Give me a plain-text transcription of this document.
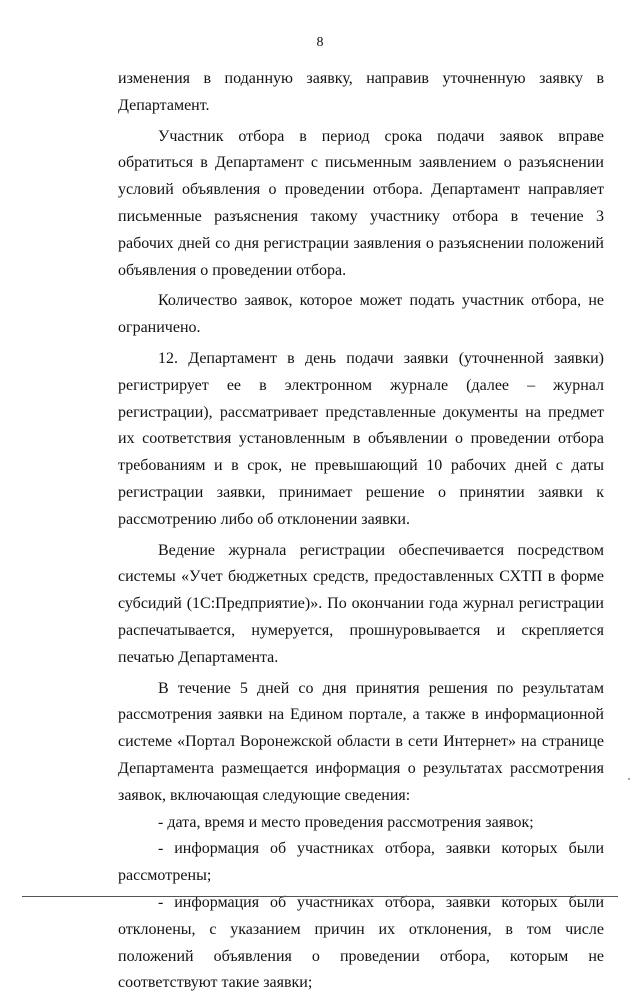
8

изменения в поданную заявку, направив уточненную заявку в Департамент.

Участник отбора в период срока подачи заявок вправе обратиться в Департамент с письменным заявлением о разъяснении условий объявления о проведении отбора. Департамент направляет письменные разъяснения такому участнику отбора в течение 3 рабочих дней со дня регистрации заявления о разъяснении положений объявления о проведении отбора.

Количество заявок, которое может подать участник отбора, не ограничено.

12. Департамент в день подачи заявки (уточненной заявки) регистрирует ее в электронном журнале (далее – журнал регистрации), рассматривает представленные документы на предмет их соответствия установленным в объявлении о проведении отбора требованиям и в срок, не превышающий 10 рабочих дней с даты регистрации заявки, принимает решение о принятии заявки к рассмотрению либо об отклонении заявки.

Ведение журнала регистрации обеспечивается посредством системы «Учет бюджетных средств, предоставленных СХТП в форме субсидий (1С:Предприятие)». По окончании года журнал регистрации распечатывается, нумеруется, прошнуровывается и скрепляется печатью Департамента.

В течение 5 дней со дня принятия решения по результатам рассмотрения заявки на Едином портале, а также в информационной системе «Портал Воронежской области в сети Интернет» на странице Департамента размещается информация о результатах рассмотрения заявок, включающая следующие сведения:

- дата, время и место проведения рассмотрения заявок;

- информация об участниках отбора, заявки которых были рассмотрены;

- информация об участниках отбора, заявки которых были отклонены, с указанием причин их отклонения, в том числе положений объявления о проведении отбора, которым не соответствуют такие заявки;
